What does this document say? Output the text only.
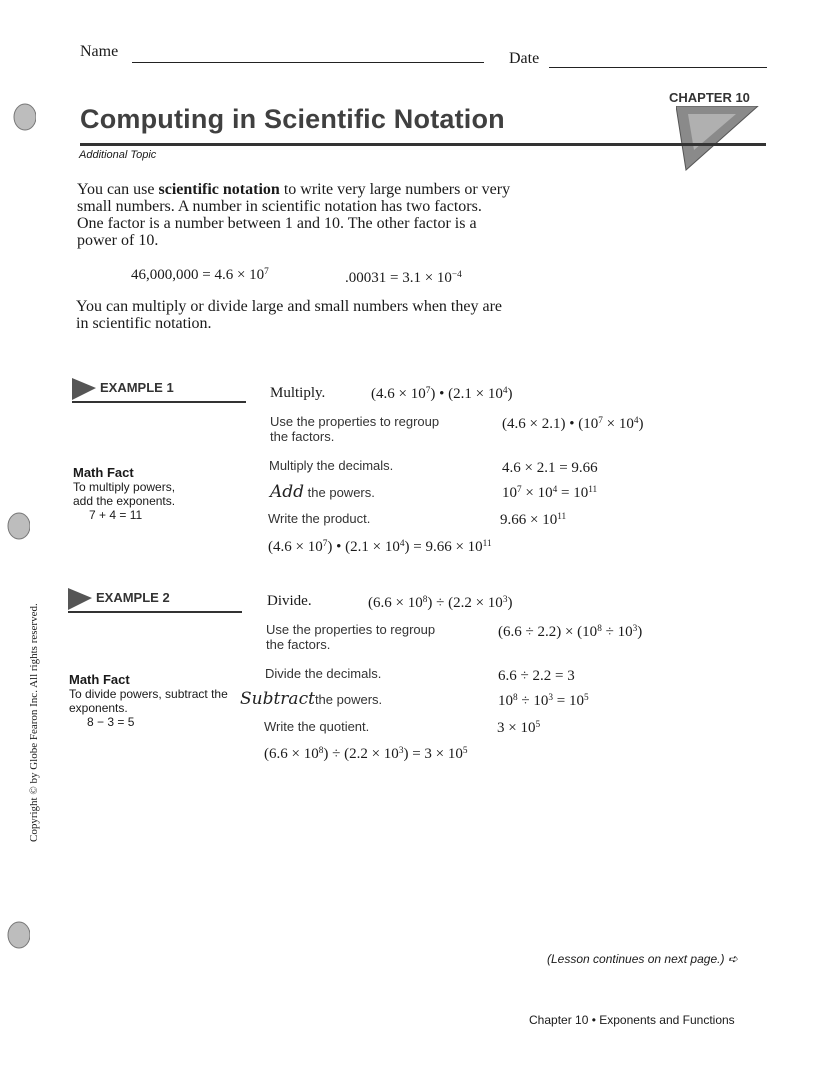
Name	Date
CHAPTER 10
Computing in Scientific Notation
Additional Topic

You can use scientific notation to write very large numbers or very

small numbers. A number in scientific notation has two factors.

One factor is a number between 1 and 10. The other factor is a

power of 10.

$46,000,000 = 4.6 \times 10^7$	$.00031 = 3.1 \times 10^{-4}$

You can multiply or divide large and small numbers when they are

in scientific notation.

EXAMPLE 1	Multiply.	$(4.6 \times 10^7)$ • $(2.1 \times 10^4)$
Use the properties to regroup
the factors.
(4.6 × 2.1) • $(10^7 \times 10^4)$
Multiply the decimals.	4.6 × 2.1 = 9.66
Add the powers.	$10^7 \times 10^4 = 10^{11}$
Write the product.	$9.66 \times 10^{11}$
$(4.6 \times 10^7)$ • $(2.1 \times 10^4) = 9.66 \times 10^{11}$
Math Fact
To multiply powers,
add the exponents.
7 + 4 = 11
EXAMPLE 2	Divide.	$(6.6 \times 10^8) \div (2.2 \times 10^3)$
Use the properties to regroup
the factors.
$(6.6 \div 2.2) \times (10^8 \div 10^3)$
Divide the decimals.	6.6 ÷ 2.2 = 3
Subtractthe powers.	$10^8 \div 10^3 = 10^5$
Write the quotient.	$3 \times 10^5$
$(6.6 \times 10^8) \div (2.2 \times 10^3) = 3 \times 10^5$
Math Fact
To divide powers, subtract the
exponents.
8 − 3 = 5
Copyright © by Globe Fearon Inc. All rights reserved.
(Lesson continues on next page.) ➪
Chapter 10 • Exponents and Functions
